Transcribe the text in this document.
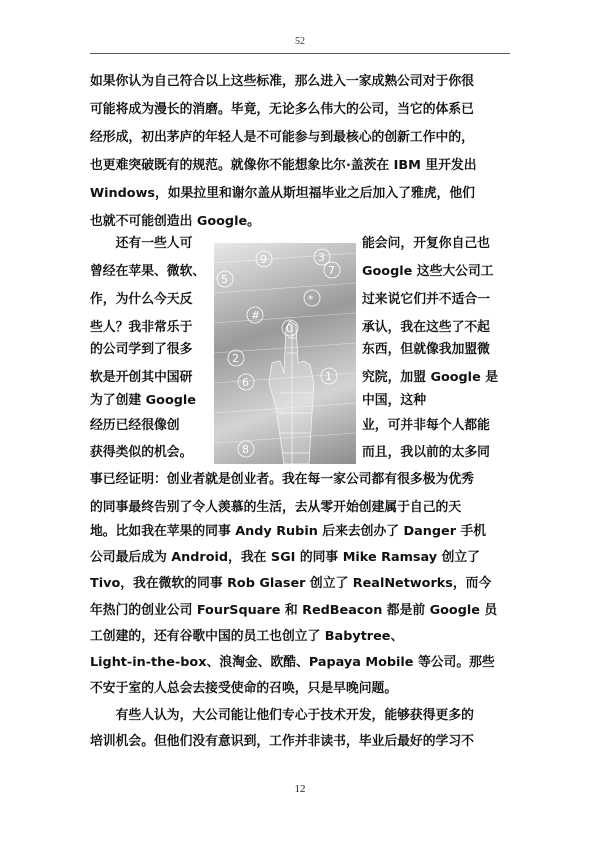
52
如果你认为自己符合以上这些标准，那么进入一家成熟公司对于你很
可能将成为漫长的消磨。毕竟，无论多么伟大的公司，当它的体系已
经形成，初出茅庐的年轻人是不可能参与到最核心的创新工作中的，
也更难突破既有的规范。就像你不能想象比尔·盖茨在 IBM 里开发出
Windows，如果拉里和谢尔盖从斯坦福毕业之后加入了雅虎，他们
也就不可能创造出 Google。
　　还有一些人可
曾经在苹果、微软、
作，为什么今天反
些人？我非常乐于
的公司学到了很多
软是开创其中国研
为了创建 Google
经历已经很像创
获得类似的机会。
9	3
7
5
#
*
0
2
1
6
8
能会问，开复你自己也
Google 这些大公司工
过来说它们并不适合一
承认，我在这些了不起
东西，但就像我加盟微
究院，加盟 Google 是
中国，这种
业，可并非每个人都能
而且，我以前的太多同
事已经证明：创业者就是创业者。我在每一家公司都有很多极为优秀
的同事最终告别了令人羡慕的生活，去从零开始创建属于自己的天
地。比如我在苹果的同事 Andy Rubin 后来去创办了 Danger 手机
公司最后成为 Android，我在 SGI 的同事 Mike Ramsay 创立了
Tivo，我在微软的同事 Rob Glaser 创立了 RealNetworks，而今
年热门的创业公司 FourSquare 和 RedBeacon 都是前 Google 员
工创建的，还有谷歌中国的员工也创立了 Babytree、
Light-in-the-box、浪淘金、欧酷、Papaya Mobile 等公司。那些
不安于室的人总会去接受使命的召唤，只是早晚问题。
　　有些人认为，大公司能让他们专心于技术开发，能够获得更多的
培训机会。但他们没有意识到，工作并非读书，毕业后最好的学习不
12
